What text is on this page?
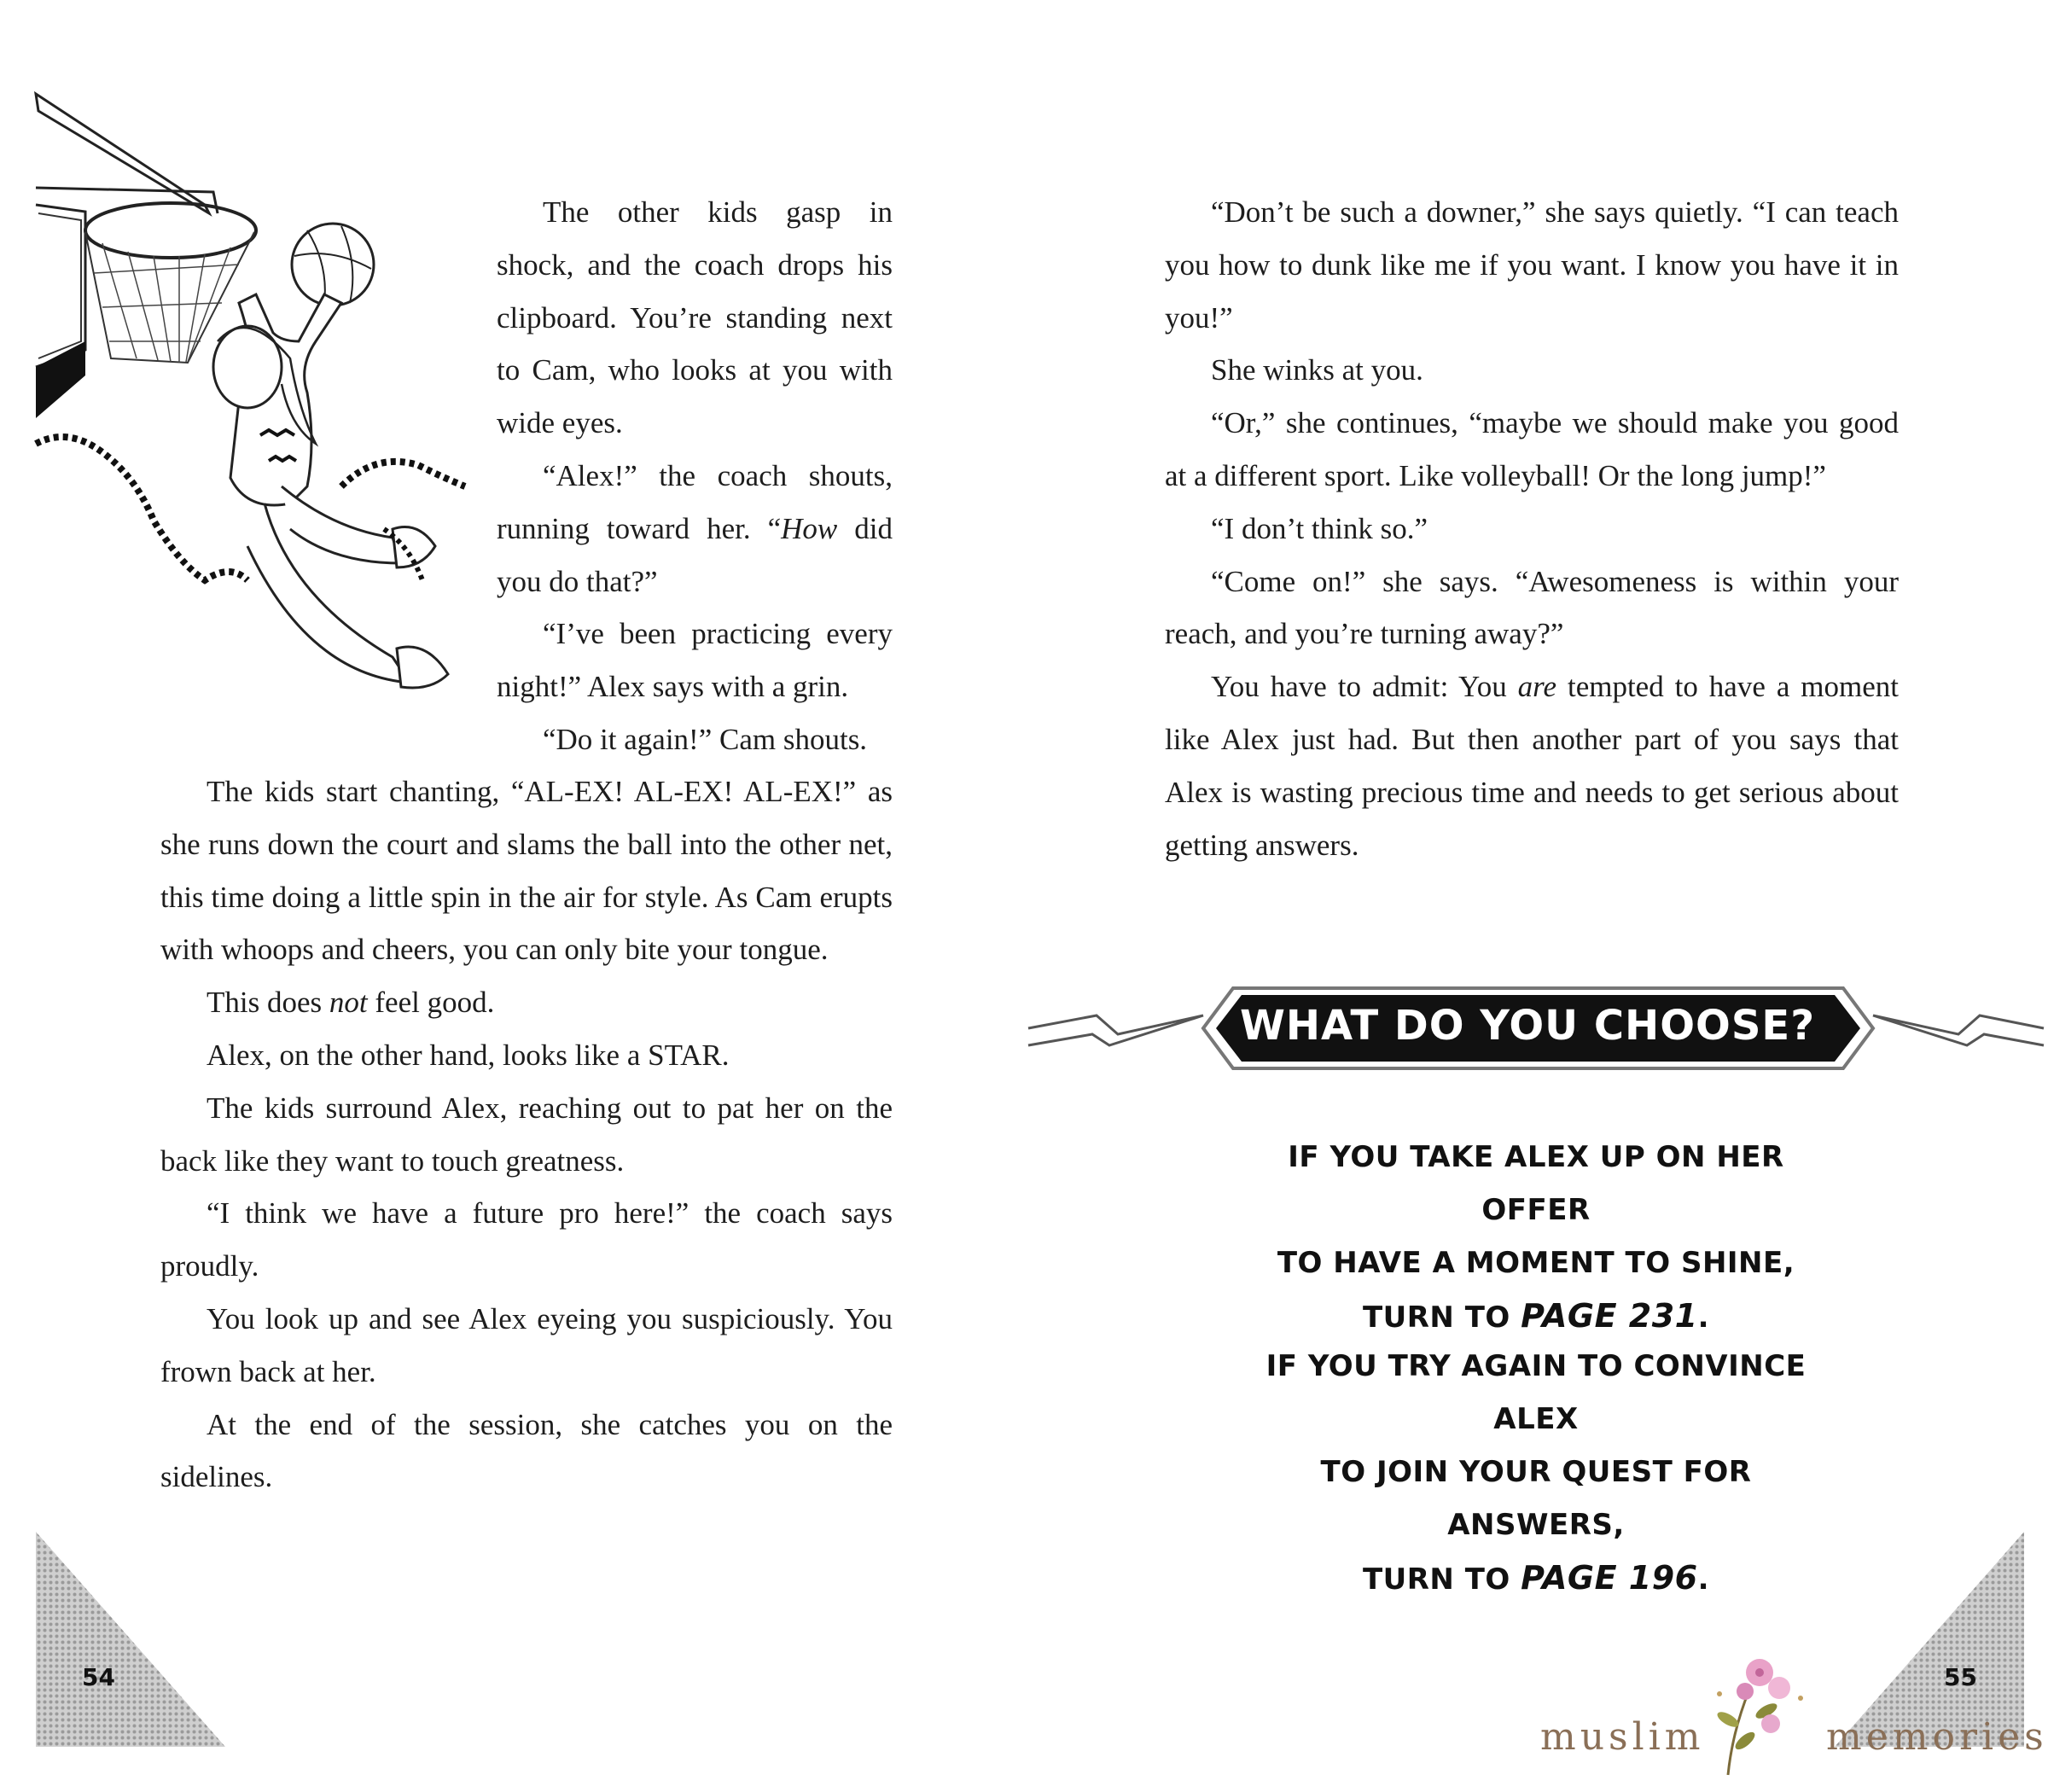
The other kids gasp in shock, and the coach drops his clipboard. You’re standing next to Cam, who looks at you with wide eyes.

“Alex!” the coach shouts, running toward her. “How did you do that?”

“I’ve been practicing every night!” Alex says with a grin.

“Do it again!” Cam shouts.

The kids start chanting, “AL-EX! AL-EX! AL-EX!” as she runs down the court and slams the ball into the other net, this time doing a little spin in the air for style. As Cam erupts with whoops and cheers, you can only bite your tongue.

This does not feel good.

Alex, on the other hand, looks like a STAR.

The kids surround Alex, reaching out to pat her on the back like they want to touch greatness.

“I think we have a future pro here!” the coach says proudly.

You look up and see Alex eyeing you suspiciously. You frown back at her.

At the end of the session, she catches you on the sidelines.

54

“Don’t be such a downer,” she says quietly. “I can teach you how to dunk like me if you want. I know you have it in you!”

She winks at you.

“Or,” she continues, “maybe we should make you good at a different sport. Like volleyball! Or the long jump!”

“I don’t think so.”

“Come on!” she says. “Awesomeness is within your reach, and you’re turning away?”

You have to admit: You are tempted to have a moment like Alex just had. But then another part of you says that Alex is wasting precious time and needs to get serious about getting answers.

WHAT DO YOU CHOOSE?
IF YOU TAKE ALEX UP ON HER OFFER
TO HAVE A MOMENT TO SHINE,
TURN TO PAGE 231.
IF YOU TRY AGAIN TO CONVINCE ALEX
TO JOIN YOUR QUEST FOR ANSWERS,
TURN TO PAGE 196.
55
muslim	memories
